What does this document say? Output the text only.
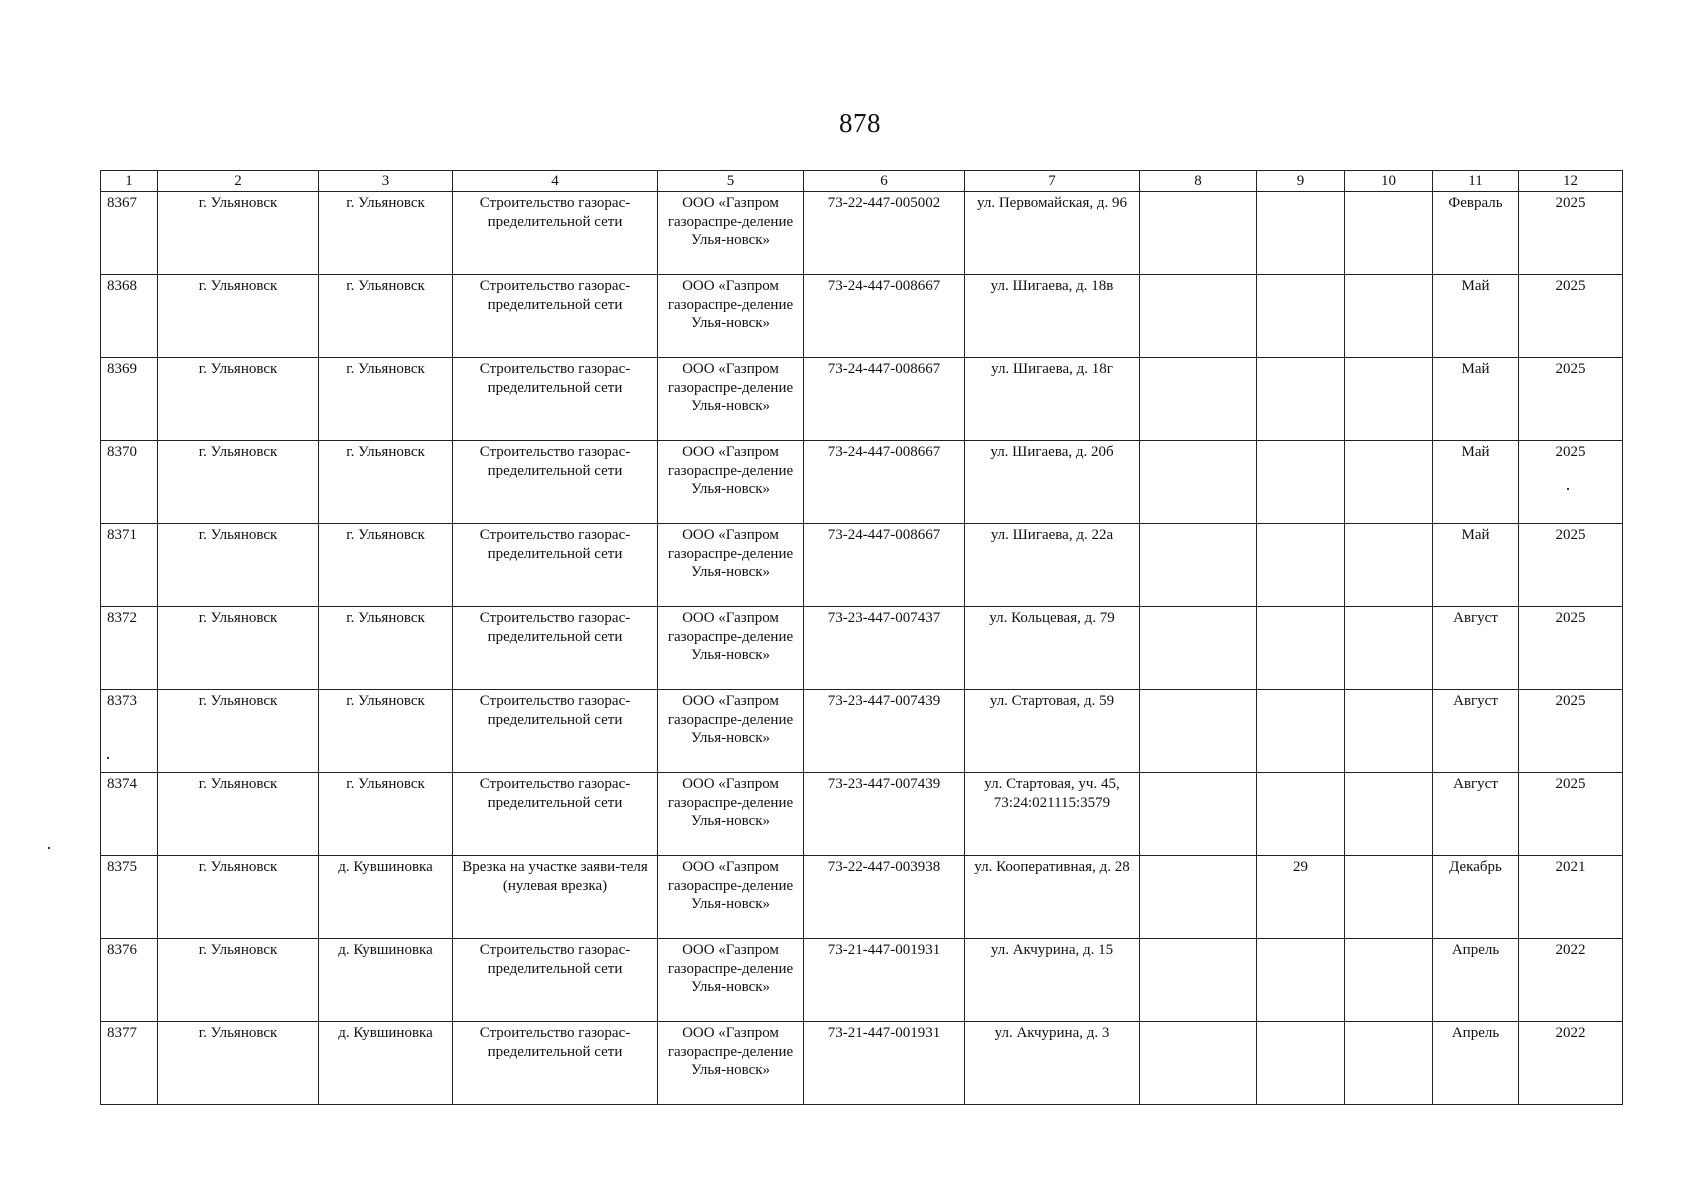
878
1	2	3	4	5	6	7	8	9	10	11	12
8367	г. Ульяновск	г. Ульяновск	Строительство газорас-пределительной сети	ООО «Газпром газораспре-деление Улья-новск»	73-22-447-005002	ул. Первомайская, д. 96				Февраль	2025
8368	г. Ульяновск	г. Ульяновск	Строительство газорас-пределительной сети	ООО «Газпром газораспре-деление Улья-новск»	73-24-447-008667	ул. Шигаева, д. 18в				Май	2025
8369	г. Ульяновск	г. Ульяновск	Строительство газорас-пределительной сети	ООО «Газпром газораспре-деление Улья-новск»	73-24-447-008667	ул. Шигаева, д. 18г				Май	2025
8370	г. Ульяновск	г. Ульяновск	Строительство газорас-пределительной сети	ООО «Газпром газораспре-деление Улья-новск»	73-24-447-008667	ул. Шигаева, д. 20б				Май	2025
8371	г. Ульяновск	г. Ульяновск	Строительство газорас-пределительной сети	ООО «Газпром газораспре-деление Улья-новск»	73-24-447-008667	ул. Шигаева, д. 22а				Май	2025
8372	г. Ульяновск	г. Ульяновск	Строительство газорас-пределительной сети	ООО «Газпром газораспре-деление Улья-новск»	73-23-447-007437	ул. Кольцевая, д. 79				Август	2025
8373	г. Ульяновск	г. Ульяновск	Строительство газорас-пределительной сети	ООО «Газпром газораспре-деление Улья-новск»	73-23-447-007439	ул. Стартовая, д. 59				Август	2025
8374	г. Ульяновск	г. Ульяновск	Строительство газорас-пределительной сети	ООО «Газпром газораспре-деление Улья-новск»	73-23-447-007439	ул. Стартовая, уч. 45, 73:24:021115:3579				Август	2025
8375	г. Ульяновск	д. Кувшиновка	Врезка на участке заяви-теля (нулевая врезка)	ООО «Газпром газораспре-деление Улья-новск»	73-22-447-003938	ул. Кооперативная, д. 28		29		Декабрь	2021
8376	г. Ульяновск	д. Кувшиновка	Строительство газорас-пределительной сети	ООО «Газпром газораспре-деление Улья-новск»	73-21-447-001931	ул. Акчурина, д. 15				Апрель	2022
8377	г. Ульяновск	д. Кувшиновка	Строительство газорас-пределительной сети	ООО «Газпром газораспре-деление Улья-новск»	73-21-447-001931	ул. Акчурина, д. 3				Апрель	2022
